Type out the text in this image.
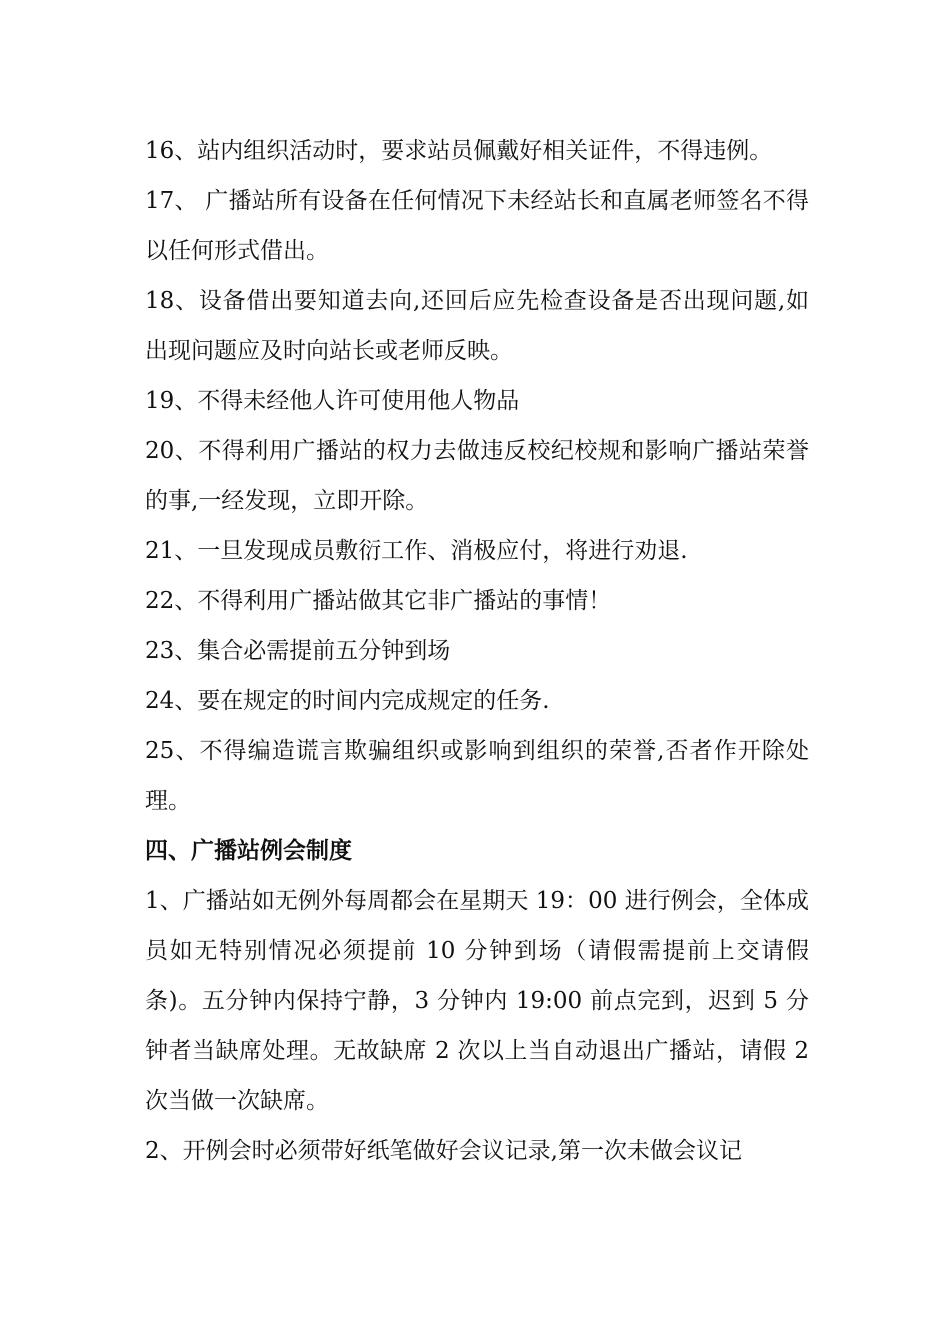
16、站内组织活动时，要求站员佩戴好相关证件，不得违例。

17、 广播站所有设备在任何情况下未经站长和直属老师签名不得以任何形式借出。

18、设备借出要知道去向,还回后应先检查设备是否出现问题,如出现问题应及时向站长或老师反映。

19、不得未经他人许可使用他人物品

20、不得利用广播站的权力去做违反校纪校规和影响广播站荣誉的事,一经发现，立即开除。

21、一旦发现成员敷衍工作、消极应付，将进行劝退.

22、不得利用广播站做其它非广播站的事情！

23、集合必需提前五分钟到场

24、要在规定的时间内完成规定的任务.

25、不得编造谎言欺骗组织或影响到组织的荣誉,否者作开除处理。

四、广播站例会制度

1、广播站如无例外每周都会在星期天 19：00 进行例会，全体成员如无特别情况必须提前 10 分钟到场（请假需提前上交请假条)。五分钟内保持宁静，3 分钟内 19:00 前点完到，迟到 5 分钟者当缺席处理。无故缺席 2 次以上当自动退出广播站，请假 2 次当做一次缺席。

2、开例会时必须带好纸笔做好会议记录,第一次未做会议记
